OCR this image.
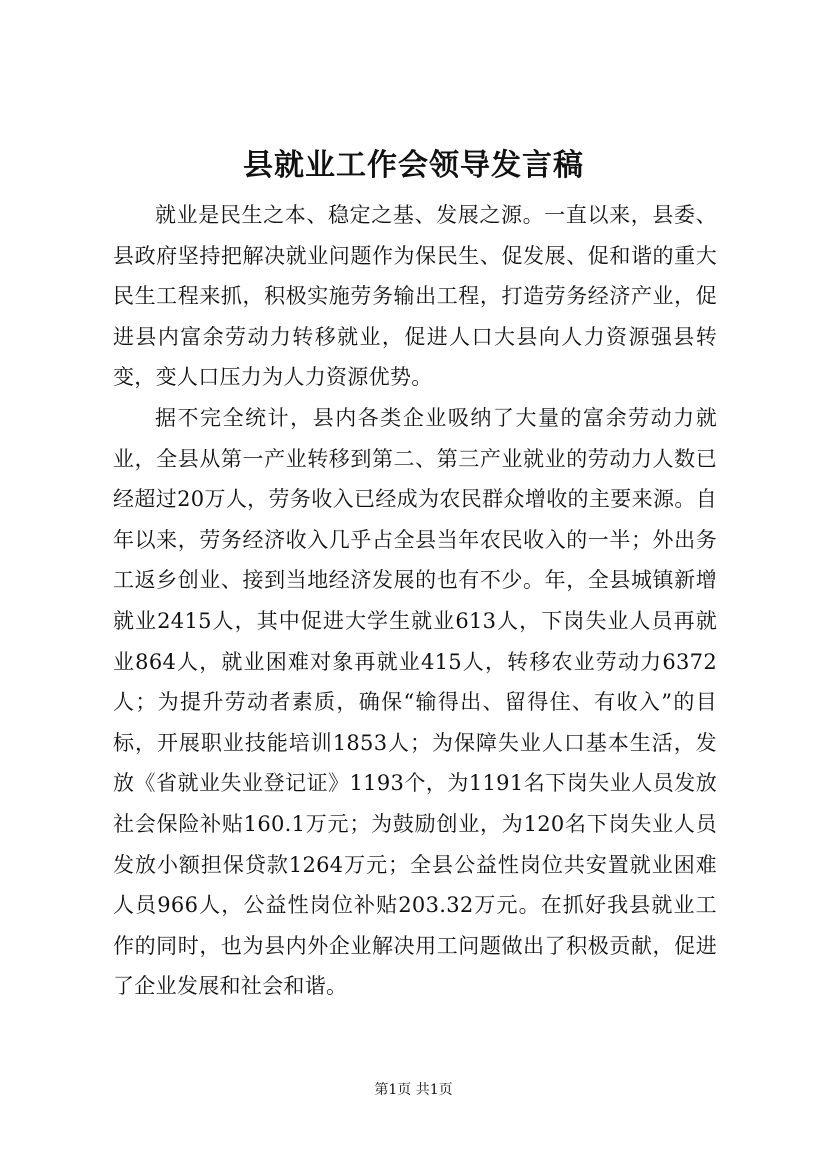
县就业工作会领导发言稿

就业是民生之本、稳定之基、发展之源。一直以来，县委、县政府坚持把解决就业问题作为保民生、促发展、促和谐的重大民生工程来抓，积极实施劳务输出工程，打造劳务经济产业，促进县内富余劳动力转移就业，促进人口大县向人力资源强县转变，变人口压力为人力资源优势。

据不完全统计，县内各类企业吸纳了大量的富余劳动力就业，全县从第一产业转移到第二、第三产业就业的劳动力人数已经超过20万人，劳务收入已经成为农民群众增收的主要来源。自年以来，劳务经济收入几乎占全县当年农民收入的一半；外出务工返乡创业、接到当地经济发展的也有不少。年，全县城镇新增就业2415人，其中促进大学生就业613人，下岗失业人员再就业864人，就业困难对象再就业415人，转移农业劳动力6372人；为提升劳动者素质，确保“输得出、留得住、有收入”的目标，开展职业技能培训1853人；为保障失业人口基本生活，发放《省就业失业登记证》1193个，为1191名下岗失业人员发放社会保险补贴160.1万元；为鼓励创业，为120名下岗失业人员发放小额担保贷款1264万元；全县公益性岗位共安置就业困难人员966人，公益性岗位补贴203.32万元。在抓好我县就业工作的同时，也为县内外企业解决用工问题做出了积极贡献，促进了企业发展和社会和谐。

第1页 共1页
